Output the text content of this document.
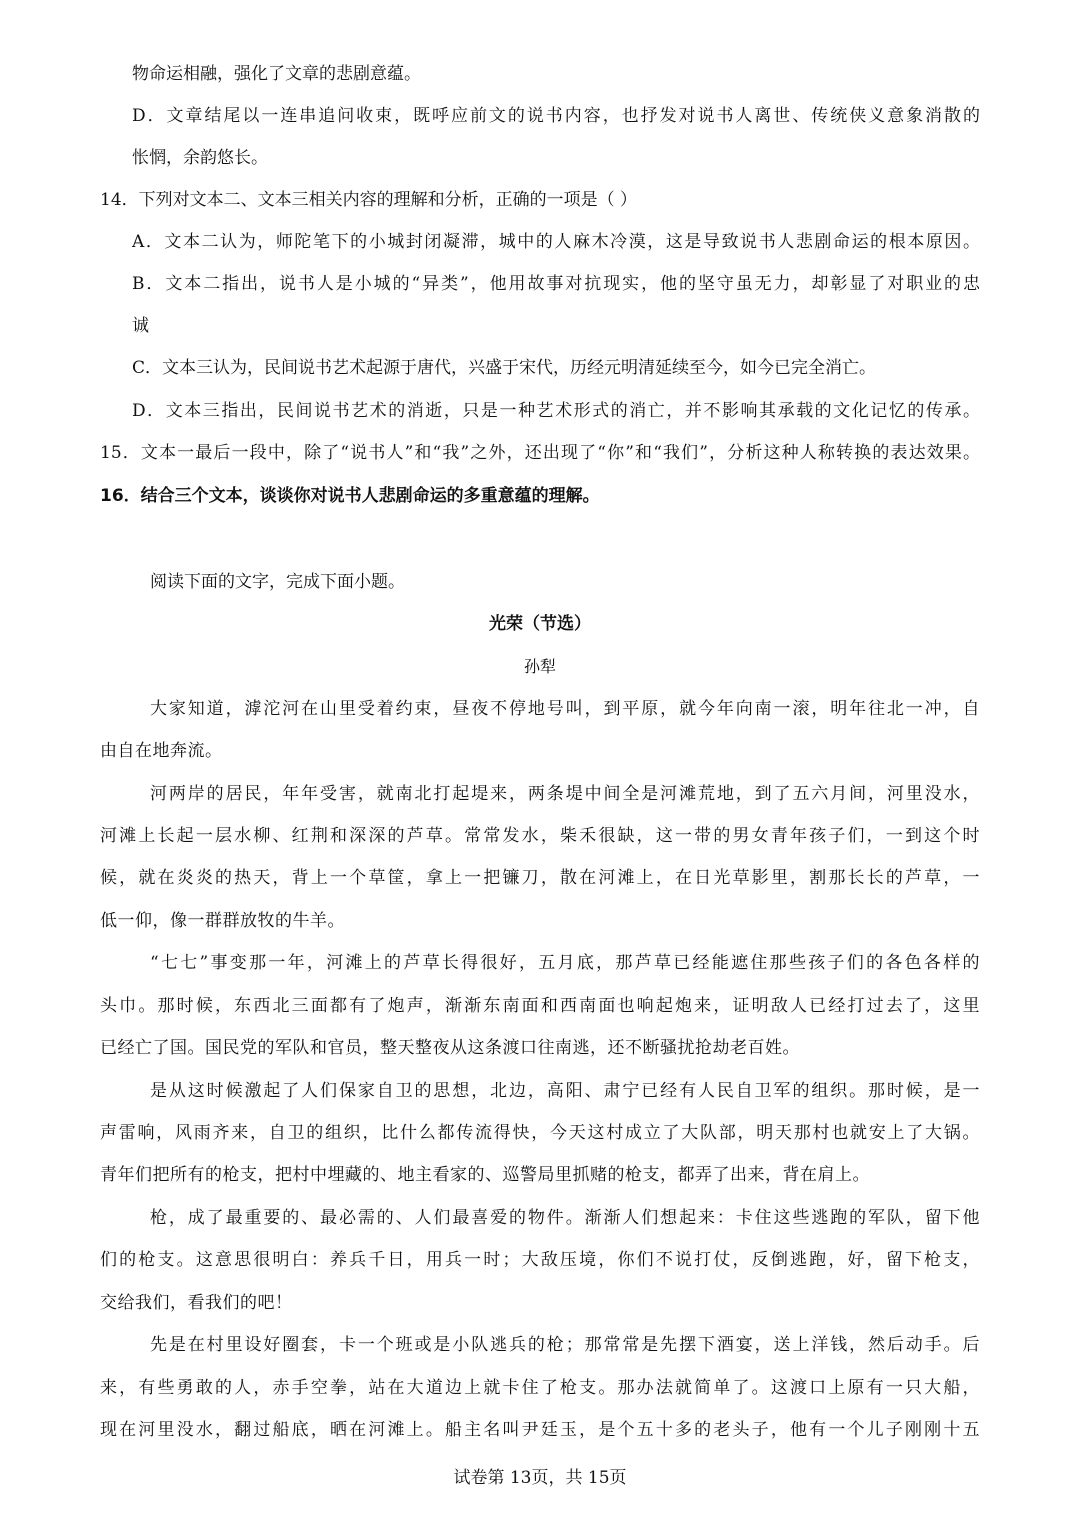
物命运相融，强化了文章的悲剧意蕴。
D．文章结尾以一连串追问收束，既呼应前文的说书内容，也抒发对说书人离世、传统侠义意象消散的
怅惘，余韵悠长。
14．下列对文本二、文本三相关内容的理解和分析，正确的一项是（ ）
A．文本二认为，师陀笔下的小城封闭凝滞，城中的人麻木冷漠，这是导致说书人悲剧命运的根本原因。
B．文本二指出，说书人是小城的“异类”，他用故事对抗现实，他的坚守虽无力，却彰显了对职业的忠
诚
C．文本三认为，民间说书艺术起源于唐代，兴盛于宋代，历经元明清延续至今，如今已完全消亡。
D．文本三指出，民间说书艺术的消逝，只是一种艺术形式的消亡，并不影响其承载的文化记忆的传承。
15．文本一最后一段中，除了“说书人”和“我”之外，还出现了“你”和“我们”，分析这种人称转换的表达效果。
16．结合三个文本，谈谈你对说书人悲剧命运的多重意蕴的理解。
阅读下面的文字，完成下面小题。
光荣（节选）
孙犁
大家知道，滹沱河在山里受着约束，昼夜不停地号叫，到平原，就今年向南一滚，明年往北一冲，自
由自在地奔流。
河两岸的居民，年年受害，就南北打起堤来，两条堤中间全是河滩荒地，到了五六月间，河里没水，
河滩上长起一层水柳、红荆和深深的芦草。常常发水，柴禾很缺，这一带的男女青年孩子们，一到这个时
候，就在炎炎的热天，背上一个草筐，拿上一把镰刀，散在河滩上，在日光草影里，割那长长的芦草，一
低一仰，像一群群放牧的牛羊。
“七七”事变那一年，河滩上的芦草长得很好，五月底，那芦草已经能遮住那些孩子们的各色各样的
头巾。那时候，东西北三面都有了炮声，渐渐东南面和西南面也响起炮来，证明敌人已经打过去了，这里
已经亡了国。国民党的军队和官员，整天整夜从这条渡口往南逃，还不断骚扰抢劫老百姓。
是从这时候激起了人们保家自卫的思想，北边，高阳、肃宁已经有人民自卫军的组织。那时候，是一
声雷响，风雨齐来，自卫的组织，比什么都传流得快，今天这村成立了大队部，明天那村也就安上了大锅。
青年们把所有的枪支，把村中埋藏的、地主看家的、巡警局里抓赌的枪支，都弄了出来，背在肩上。
枪，成了最重要的、最必需的、人们最喜爱的物件。渐渐人们想起来：卡住这些逃跑的军队，留下他
们的枪支。这意思很明白：养兵千日，用兵一时；大敌压境，你们不说打仗，反倒逃跑，好，留下枪支，
交给我们，看我们的吧！
先是在村里设好圈套，卡一个班或是小队逃兵的枪；那常常是先摆下酒宴，送上洋钱，然后动手。后
来，有些勇敢的人，赤手空拳，站在大道边上就卡住了枪支。那办法就简单了。这渡口上原有一只大船，
现在河里没水，翻过船底，晒在河滩上。船主名叫尹廷玉，是个五十多的老头子，他有一个儿子刚刚十五
试卷第 13页，共 15页
